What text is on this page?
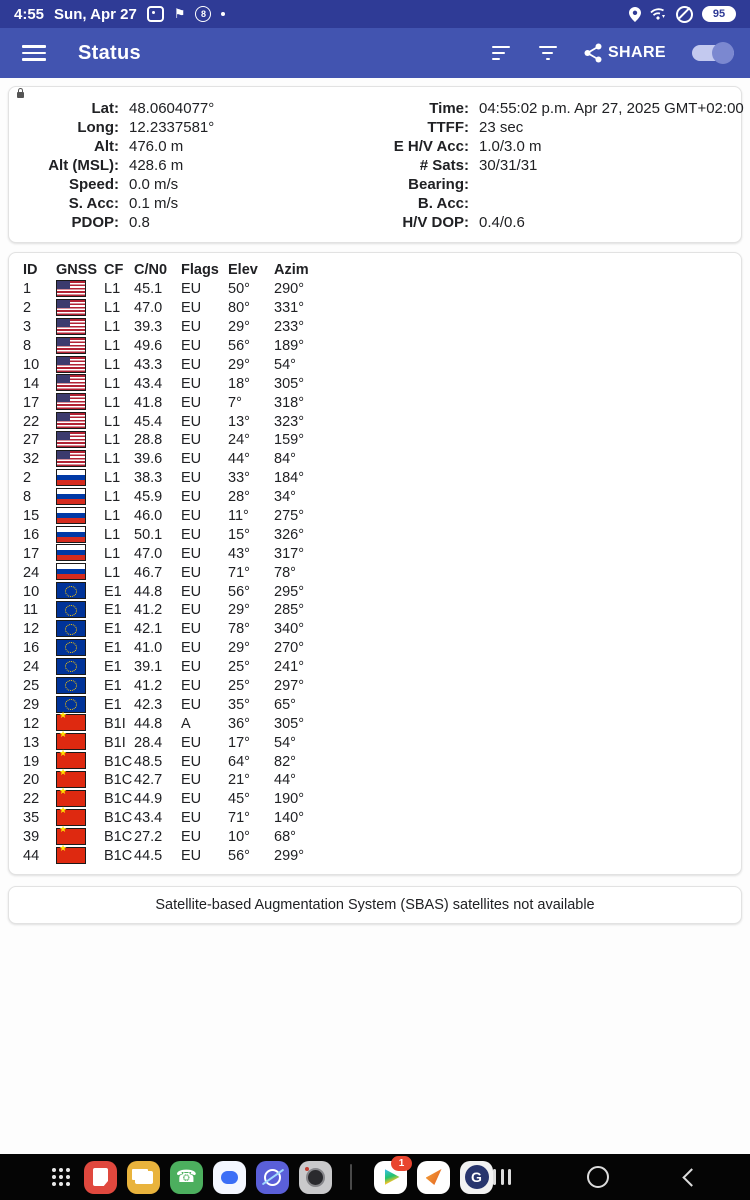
4:55 Sun, Apr 27	⚑	8	95
Status	SHARE
Lat: 48.0604077°	Time: 04:55:02 p.m. Apr 27, 2025 GMT+02:00
Long: 12.2337581°	TTFF: 23 sec
Alt: 476.0 m	E H/V Acc: 1.0/3.0 m
Alt (MSL): 428.6 m	# Sats: 30/31/31
Speed: 0.0 m/s	Bearing:
S. Acc: 0.1 m/s	B. Acc:
PDOP: 0.8	H/V DOP: 0.4/0.6
ID	GNSS	CF	C/N0	Flags	Elev	Azim	
1		L1	45.1	EU	50°	290°	
2		L1	47.0	EU	80°	331°	
3		L1	39.3	EU	29°	233°	
8		L1	49.6	EU	56°	189°	
10		L1	43.3	EU	29°	54°	
14		L1	43.4	EU	18°	305°	
17		L1	41.8	EU	7°	318°	
22		L1	45.4	EU	13°	323°	
27		L1	28.8	EU	24°	159°	
32		L1	39.6	EU	44°	84°	
2		L1	38.3	EU	33°	184°	
8		L1	45.9	EU	28°	34°	
15		L1	46.0	EU	11°	275°	
16		L1	50.1	EU	15°	326°	
17		L1	47.0	EU	43°	317°	
24		L1	46.7	EU	71°	78°	
10		E1	44.8	EU	56°	295°	
11		E1	41.2	EU	29°	285°	
12		E1	42.1	EU	78°	340°	
16		E1	41.0	EU	29°	270°	
24		E1	39.1	EU	25°	241°	
25		E1	41.2	EU	25°	297°	
29		E1	42.3	EU	35°	65°	
12	★	B1I	44.8	A	36°	305°	
13	★	B1I	28.4	EU	17°	54°	
19	★	B1C	48.5	EU	64°	82°	
20	★	B1C	42.7	EU	21°	44°	
22	★	B1C	44.9	EU	45°	190°	
35	★	B1C	43.4	EU	71°	140°	
39	★	B1C	27.2	EU	10°	68°	
44	★	B1C	44.5	EU	56°	299°	
Satellite-based Augmentation System (SBAS) satellites not available
☎
1
G
